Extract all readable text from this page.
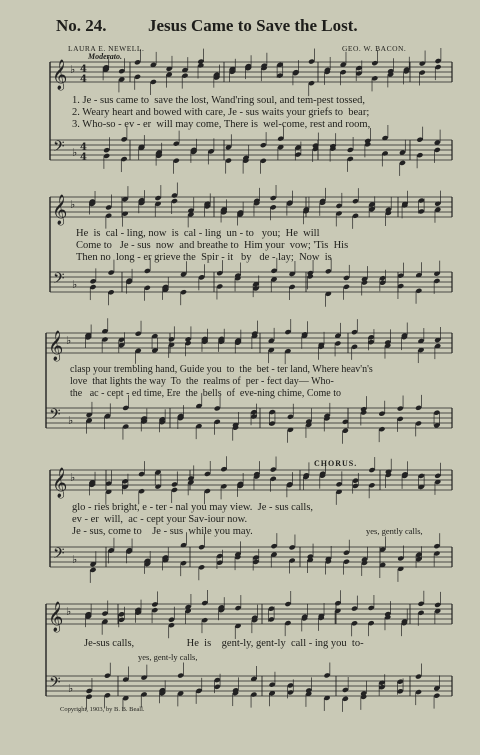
No. 24. Jesus Came to Save the Lost.
LAURA E. NEWELL.	GEO. W. BACON.
Moderato.
𝄞
𝄢
♭
♭
4
4
4
4
𝄞
𝄢
♭
♭
𝄞
𝄢
♭
♭
𝄞
𝄢
♭
♭
𝄞
𝄢
♭
♭
1. Je - sus came to  save the lost, Wand'ring soul, and tem-pest tossed,
2. Weary heart and bowed with care, Je - sus waits your griefs to  bear;
3. Who-so - ev - er  will may come, There is  wel-come, rest and room,
He  is  cal - ling, now  is  cal - ling  un - to   you;  He  will
Come to   Je - sus  now  and breathe to  Him your  vow; 'Tis  His
Then no  long - er grieve the  Spir - it   by   de - lay;  Now  is
clasp your trembling hand, Guide you  to  the  bet - ter land, Where heav'n's
love  that lights the way  To  the  realms of  per - fect day— Who-
the   ac - cept - ed time, Ere  the  bells  of  eve-ning chime, Come to
CHORUS.
glo - ries bright, e - ter - nal you may view.  Je - sus calls,
ev - er  will,  ac - cept your Sav-iour now.
Je - sus, come to    Je - sus  while you may.	yes, gently calls,
Je-sus calls,                    He  is    gent-ly, gent-ly  call - ing you  to-
yes, gent-ly calls,
Copyright, 1903, by B. B. Beall.
